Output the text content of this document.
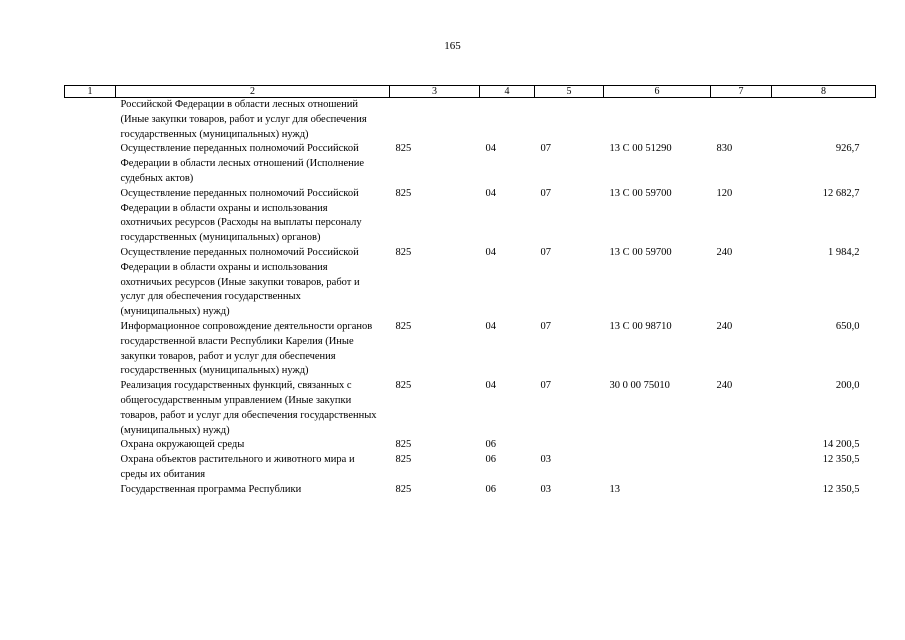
165
1	2	3	4	5	6	7	8
	Российской Федерации в области лесных отношений (Иные закупки товаров, работ и услуг для обеспечения государственных (муниципальных) нужд)						
	Осуществление переданных полномочий Российской Федерации в области лесных отношений (Исполнение судебных актов)	825	04	07	13 С 00 51290	830	926,7
	Осуществление переданных полномочий Российской Федерации в области охраны и использования охотничьих ресурсов (Расходы на выплаты персоналу государственных (муниципальных) органов)	825	04	07	13 С 00 59700	120	12 682,7
	Осуществление переданных полномочий Российской Федерации в области охраны и использования охотничьих ресурсов (Иные закупки товаров, работ и услуг для обеспечения государственных (муниципальных) нужд)	825	04	07	13 С 00 59700	240	1 984,2
	Информационное сопровождение деятельности органов государственной власти Республики Карелия (Иные закупки товаров, работ и услуг для обеспечения государственных (муниципальных) нужд)	825	04	07	13 С 00 98710	240	650,0
	Реализация государственных функций, связанных с общегосударственным управлением (Иные закупки товаров, работ и услуг для обеспечения государственных (муниципальных) нужд)	825	04	07	30 0 00 75010	240	200,0
	Охрана окружающей среды	825	06				14 200,5
	Охрана объектов растительного и животного мира и среды их обитания	825	06	03			12 350,5
	Государственная программа Республики	825	06	03	13		12 350,5
